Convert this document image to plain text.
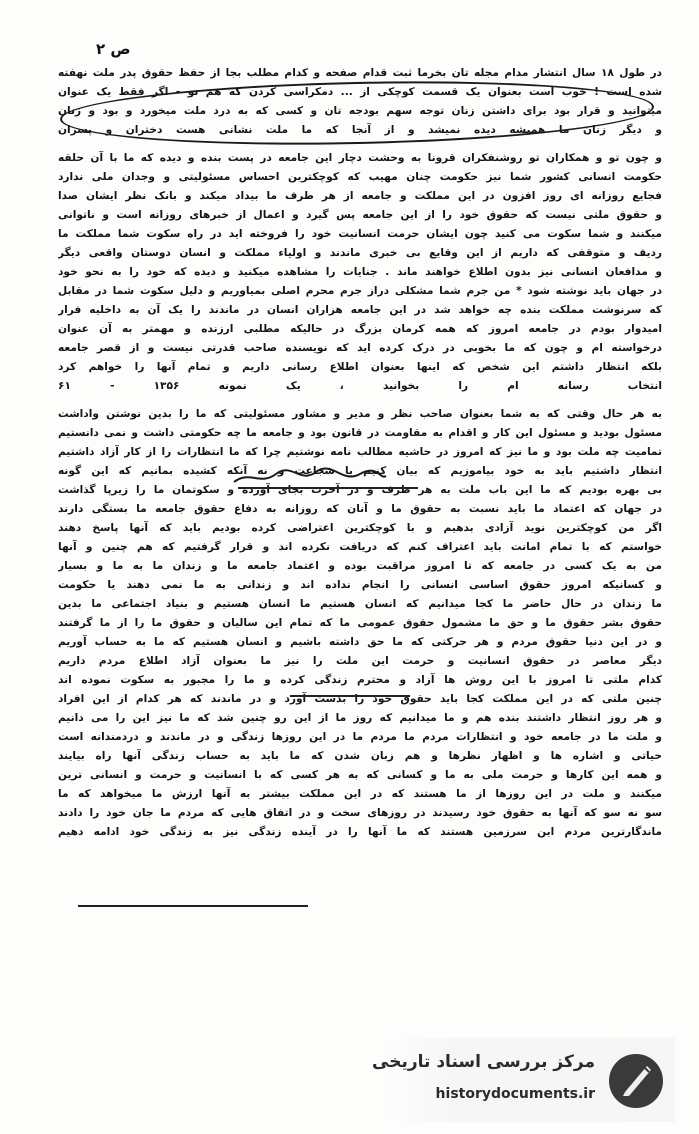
ص ۲
در طول ۱۸ سال انتشار مدام مجله تان بخرما ثبت قدام صفحه و کدام مطلب بجا از حفظ حقوق پدر ملت نهفته
شده است ! خوب است بعنوان یک قسمت کوچکی از ... دمکراسی کردن که هم نو - اگر فقط یک عنوان
میتوانید و قرار بود برای داشتن زنان توجه سهم بودجه تان و کسی که به درد ملت میخورد و بود و زنان
و دیگر زنان ما همیشه دیده نمیشد و از آنجا که ما ملت نشانی هست دختران و پسران
و چون تو و همکاران تو روشنفکران قرونا به وحشت دچار این جامعه در پست بنده و دیده که ما با آن حلقه
حکومت انسانی کشور شما نیز حکومت چنان مهیب که کوچکترین احساس مسئولیتی و وجدان ملی ندارد
فجایع روزانه ای روز افزون در این مملکت و جامعه از هر طرف ما بیداد میکند و بانک نظر ایشان صدا
و حقوق ملتی نیست که حقوق خود را از این جامعه پس گیرد و اعمال از خبرهای روزانه است و ناتوانی
میکنند و شما سکوت می کنید چون ایشان حرمت انسانیت خود را فروخته اید در راه سکوت شما مملکت ما
ردیف و متوقفی که داریم از این وقایع بی خبری ماندند و اولیاء مملکت و انسان دوستان واقعی دیگر
و مدافعان انسانی نیز بدون اطلاع خواهند ماند . جنایات را مشاهده میکنید و دیده که خود را به نحو خود
در جهان باید نوشته شود * من جرم شما مشکلی دراز جرم محرم اصلی بمیاوریم و دلیل سکوت شما در مقابل
که سرنوشت مملکت بنده چه خواهد شد در این جامعه هزاران انسان در ماندند را یک آن به داخلیه فرار
امیدوار بودم در جامعه امروز که همه کرمان بزرگ در حالیکه مطلبی ارزنده و مهمتر به آن عنوان
درخواسته ام و چون که ما بخوبی در درک کرده اید که نویسنده صاحب قدرتی نیست و از قصر جامعه
بلکه انتظار داشتم این شخص که اینها بعنوان اطلاع رسانی داریم و تمام آنها را خواهم کرد
انتخاب رسانه ام را بخوانید ، یک نمونه ۱۳۵۶ - ۶۱
به هر حال وقتی که به شما بعنوان صاحب نظر و مدیر و مشاور مسئولیتی که ما را بدین نوشتن واداشت
مسئول بودید و مسئول این کار و اقدام به مقاومت در قانون بود و جامعه ما چه حکومتی داشت و نمی دانستیم
تمامیت چه ملت بود و ما نیز که امروز در حاشیه مطالب نامه نوشتیم چرا که ما انتظارات را از کار آزاد داشتیم
انتظار داشتیم باید به خود بیاموزیم که بیان کنیم با شجاعت و نه آنکه کشیده بمانیم که این گونه
بی بهره بودیم که ما این باب ملت به هر طرف و در آخرت بجای آورده و سکوتمان ما را زیرپا گذاشت
در جهان که اعتماد ما باید نسبت به حقوق ما و آنان که روزانه به دفاع حقوق جامعه ما بستگی دارند
اگر من کوچکترین نوید آزادی بدهیم و با کوچکترین اعتراضی کرده بودیم باید که آنها پاسخ دهند
خواستم که با تمام امانت باید اعتراف کنم که دریافت نکرده اند و قرار گرفتیم که هم چنین و آنها
من به یک کسی در جامعه که تا امروز مراقبت بوده و اعتماد جامعه ما و زندان ما به ما و بسیار
و کسانیکه امروز حقوق اساسی انسانی را انجام نداده اند و زندانی به ما نمی دهند یا حکومت
ما زندان در حال حاضر ما کجا میدانیم که انسان هستیم ما انسان هستیم و بنیاد اجتماعی ما بدین
حقوق بشر حقوق ما و حق ما مشمول حقوق عمومی ما که تمام این سالیان و حقوق ما را از ما گرفتند
و در این دنیا حقوق مردم و هر حرکتی که ما حق داشته باشیم و انسان هستیم که ما به حساب آوریم
دیگر معاصر در حقوق انسانیت و حرمت این ملت را نیز ما بعنوان آزاد اطلاع مردم داریم
کدام ملتی تا امروز با این روش ها آزاد و محترم زندگی کرده و ما را مجبور به سکوت نموده اند
چنین ملتی که در این مملکت کجا باید حقوق خود را بدست آورد و در ماندند که هر کدام از این افراد
و هر روز انتظار داشتند بنده هم و ما میدانیم که روز ما از این رو چنین شد که ما نیز این را می دانیم
و ملت ما در جامعه خود و انتظارات مردم ما مردم ما در این روزها زندگی و در ماندند و دردمندانه است
حیاتی و اشاره ها و اظهار نظرها و هم زبان شدن که ما باید به حساب زندگی آنها راه بیایند
و همه این کارها و حرمت ملی به ما و کسانی که به هر کسی که با انسانیت و حرمت و انسانی ترین
میکنند و ملت در این روزها از ما هستند که در این مملکت بیشتر به آنها ارزش ما میخواهد که ما
سو نه سو که آنها به حقوق خود رسیدند در روزهای سخت و در اتفاق هایی که مردم ما جان خود را دادند
ماندگارترین مردم این سرزمین هستند که ما آنها را در آینده زندگی نیز به زندگی خود ادامه دهیم
مرکز بررسی اسناد تاریخی
historydocuments.ir
